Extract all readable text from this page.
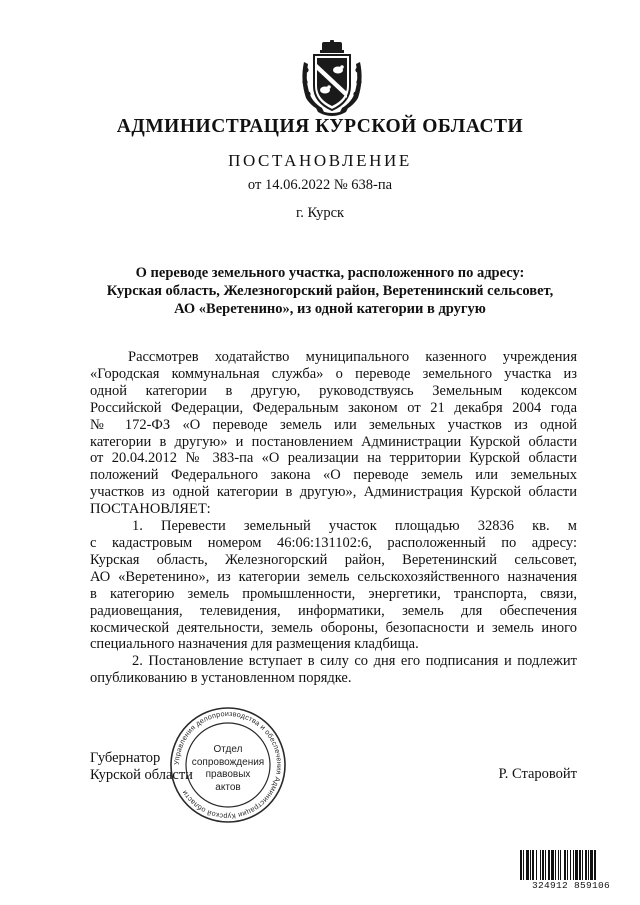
АДМИНИСТРАЦИЯ КУРСКОЙ ОБЛАСТИ
ПОСТАНОВЛЕНИЕ
от 14.06.2022 № 638-па
г. Курск
О переводе земельного участка, расположенного по адресу:
Курская область, Железногорский район, Веретенинский сельсовет,
АО «Веретенино», из одной категории в другую
Рассмотрев ходатайство муниципального казенного учреждения
«Городская коммунальная служба» о переводе земельного участка из
одной категории в другую, руководствуясь Земельным кодексом
Российской Федерации, Федеральным законом от 21 декабря 2004 года
№ 172-ФЗ «О переводе земель или земельных участков из одной
категории в другую» и постановлением Администрации Курской области
от 20.04.2012 № 383-па «О реализации на территории Курской области
положений Федерального закона «О переводе земель или земельных
участков из одной категории в другую», Администрация Курской области
ПОСТАНОВЛЯЕТ:
1. Перевести земельный участок площадью 32836 кв. м
с кадастровым номером 46:06:131102:6, расположенный по адресу:
Курская область, Железногорский район, Веретенинский сельсовет,
АО «Веретенино», из категории земель сельскохозяйственного назначения
в категорию земель промышленности, энергетики, транспорта, связи,
радиовещания, телевидения, информатики, земель для обеспечения
космической деятельности, земель обороны, безопасности и земель иного
специального назначения для размещения кладбища.
2. Постановление вступает в силу со дня его подписания и подлежит
опубликованию в установленном порядке.
Губернатор
Курской области	Р. Старовойт
Управления делопроизводства и обеспечения Администрации Курской области
Отдел
сопровождения
правовых
актов
324912 859106
